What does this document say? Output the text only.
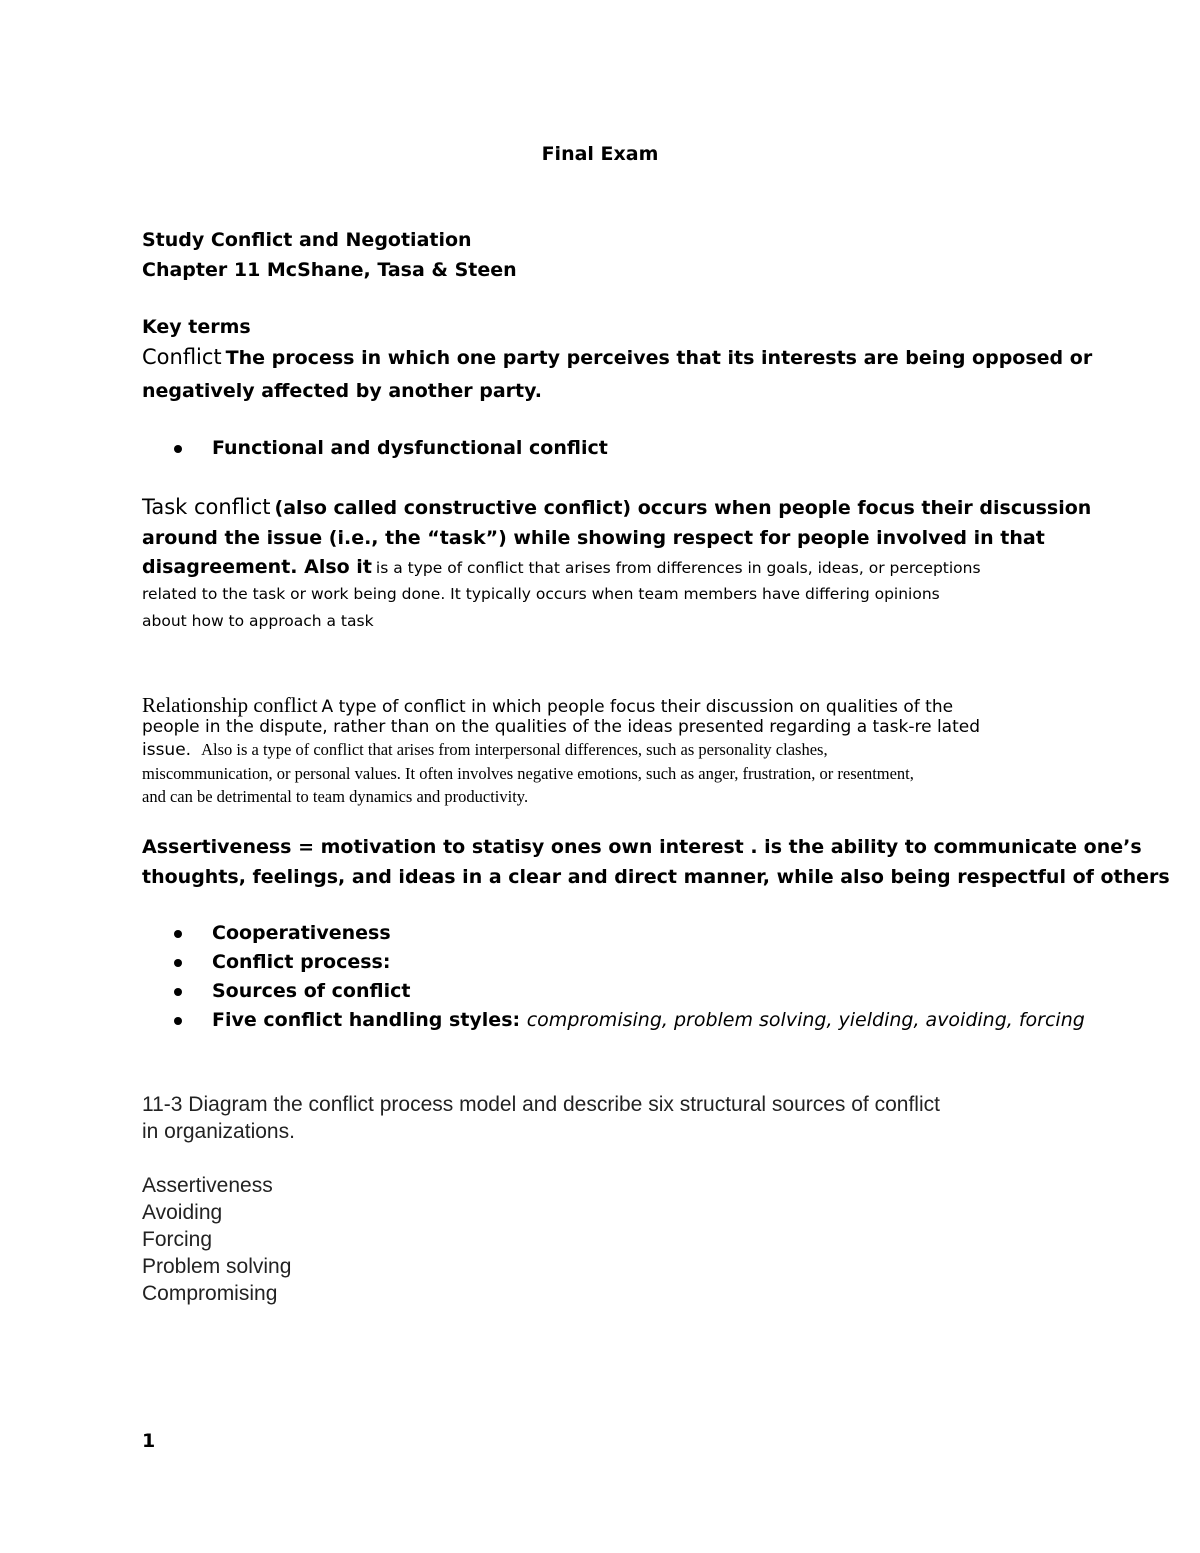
Final Exam
Study Conflict and Negotiation
Chapter 11 McShane, Tasa & Steen
Key terms
Conflict The process in which one party perceives that its interests are being opposed or
negatively affected by another party.
Functional and dysfunctional conflict
Task conflict (also called constructive conflict) occurs when people focus their discussion
around the issue (i.e., the “task”) while showing respect for people involved in that
disagreement. Also it is a type of conflict that arises from differences in goals, ideas, or perceptions
related to the task or work being done. It typically occurs when team members have differing opinions
about how to approach a task
Relationship conflict A type of conflict in which people focus their discussion on qualities of the
people in the dispute, rather than on the qualities of the ideas presented regarding a task-re lated
issue. Also is a type of conflict that arises from interpersonal differences, such as personality clashes,
miscommunication, or personal values. It often involves negative emotions, such as anger, frustration, or resentment,
and can be detrimental to team dynamics and productivity.
Assertiveness = motivation to statisy ones own interest . is the ability to communicate one’s
thoughts, feelings, and ideas in a clear and direct manner, while also being respectful of others
Cooperativeness
Conflict process:
Sources of conflict
Five conflict handling styles: compromising, problem solving, yielding, avoiding, forcing
11-3 Diagram the conflict process model and describe six structural sources of conflict
in organizations.
Assertiveness
Avoiding
Forcing
Problem solving
Compromising
1
